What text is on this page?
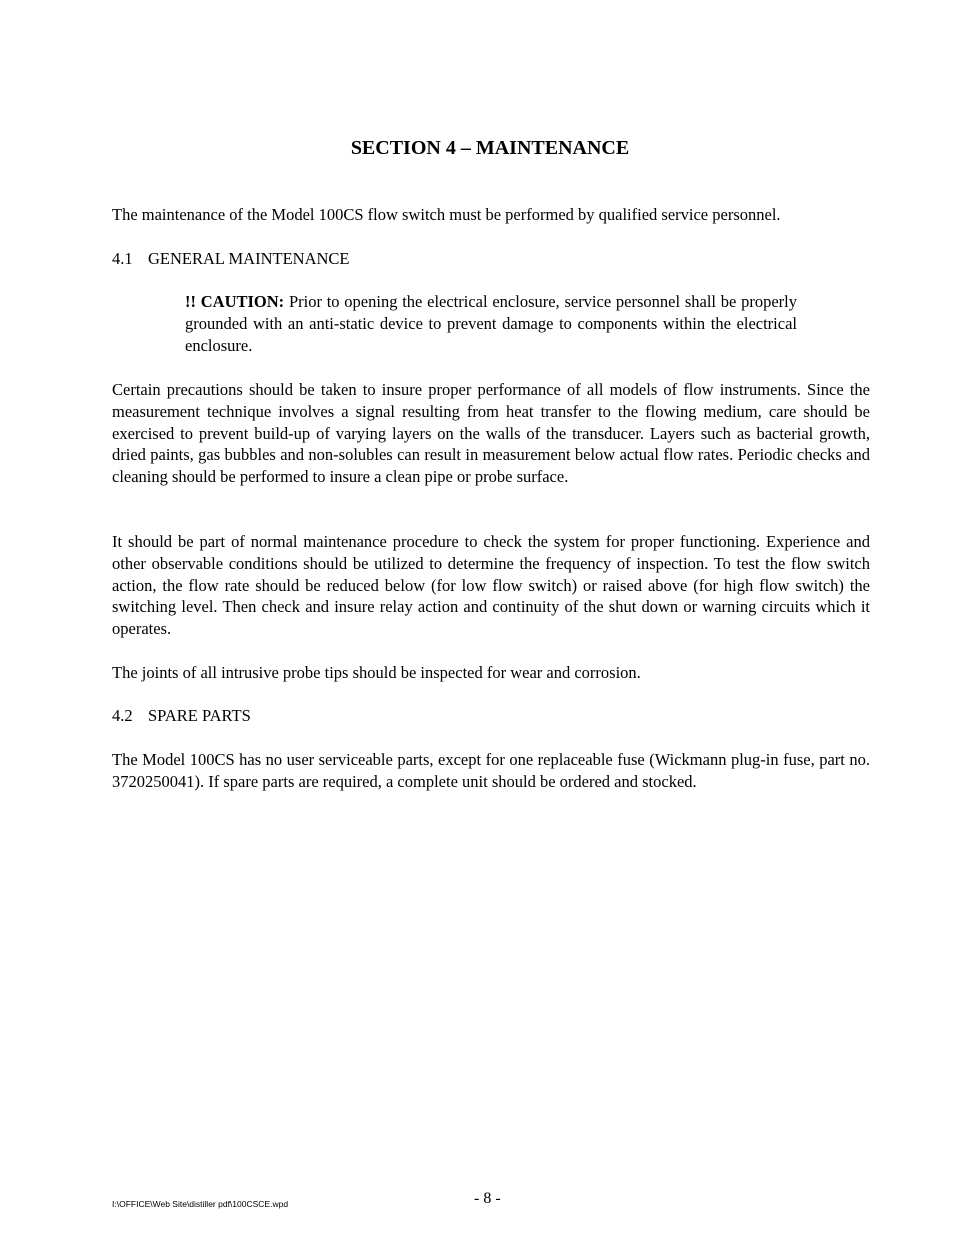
SECTION 4 – MAINTENANCE

The maintenance of the Model 100CS flow switch must be performed by qualified service personnel.

4.1 GENERAL MAINTENANCE

!! CAUTION: Prior to opening the electrical enclosure, service personnel shall be properly grounded with an anti-static device to prevent damage to components within the electrical enclosure.

Certain precautions should be taken to insure proper performance of all models of flow instruments. Since the measurement technique involves a signal resulting from heat transfer to the flowing medium, care should be exercised to prevent build-up of varying layers on the walls of the transducer. Layers such as bacterial growth, dried paints, gas bubbles and non-solubles can result in measurement below actual flow rates. Periodic checks and cleaning should be performed to insure a clean pipe or probe surface.

It should be part of normal maintenance procedure to check the system for proper functioning. Experience and other observable conditions should be utilized to determine the frequency of inspection. To test the flow switch action, the flow rate should be reduced below (for low flow switch) or raised above (for high flow switch) the switching level. Then check and insure relay action and continuity of the shut down or warning circuits which it operates.

The joints of all intrusive probe tips should be inspected for wear and corrosion.

4.2 SPARE PARTS

The Model 100CS has no user serviceable parts, except for one replaceable fuse (Wickmann plug-in fuse, part no. 3720250041). If spare parts are required, a complete unit should be ordered and stocked.

I:\OFFICE\Web Site\distiller pdf\100CSCE.wpd	- 8 -
